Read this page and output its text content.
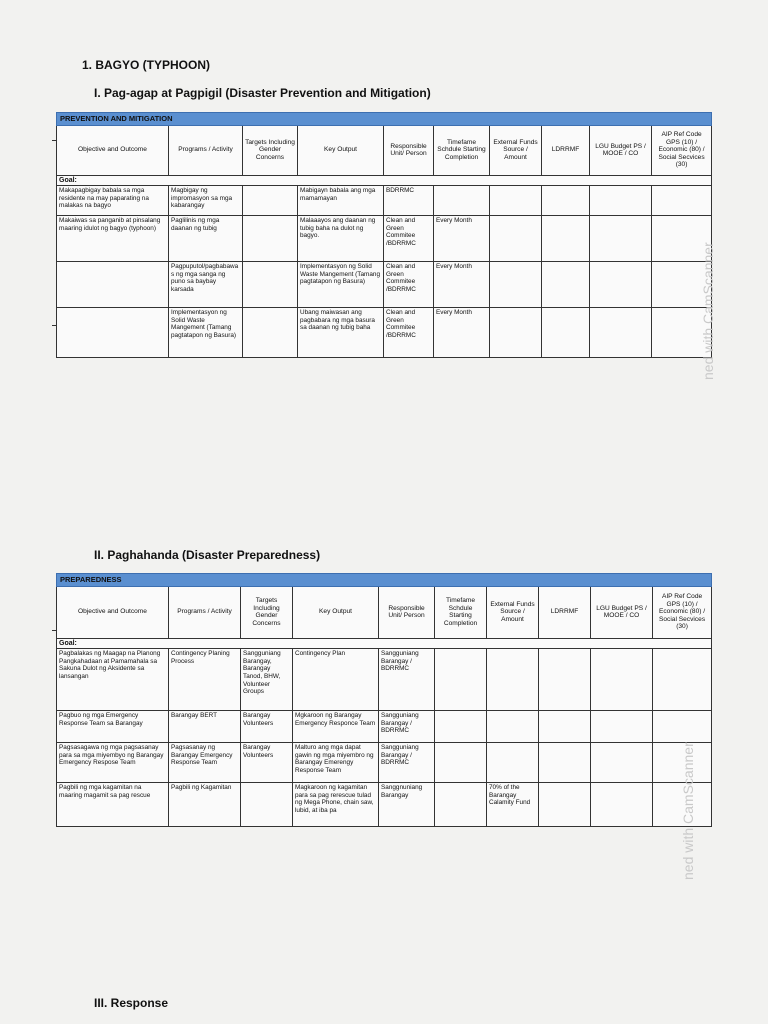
1. BAGYO (TYPHOON)
I. Pag-agap at Pagpigil (Disaster Prevention and Mitigation)
PREVENTION AND MITIGATION									
Objective and Outcome	Programs / Activity	Targets Including Gender Concerns	Key Output	Responsible Unit/ Person	Timefame Schdule Starting Completion	External Funds Source / Amount	LDRRMF	LGU Budget PS / MOOE / CO	AIP Ref Code GPS (10) / Economic (80) / Social Secvices (30)
Goal:									
Makapagbigay babala sa mga residente na may paparating na malakas na bagyo	Magbigay ng impromasyon sa mga kabarangay		Mabigayn babala ang mga mamamayan	BDRRMC					
Makaiwas sa panganib at pinsalang maaring idulot ng bagyo (typhoon)	Paglilinis ng mga daanan ng tubig		Malaaayos ang daanan ng tubig baha na dulot ng bagyo.	Clean and Green Commitee /BDRRMC	Every Month				
	Pagpuputol/pagbabawas ng mga sanga ng puno sa baybay karsada		Implementasyon ng Solid Waste Mangement (Tamang pagtatapon ng Basura)	Clean and Green Commitee /BDRRMC	Every Month				
	Implementasyon ng Solid Waste Mangement (Tamang pagtatapon ng Basura)		Ubang maiwasan ang pagbabara ng mga basura sa daanan ng tubig baha	Clean and Green Commitee /BDRRMC	Every Month					ned with CamScanner
II. Paghahanda (Disaster Preparedness)
PREPAREDNESS									
Objective and Outcome	Programs / Activity	Targets Including Gender Concerns	Key Output	Responsible Unit/ Person	Timefame Schdule Starting Completion	External Funds Source / Amount	LDRRMF	LGU Budget PS / MOOE / CO	AIP Ref Code GPS (10) / Economic (80) / Social Secvices (30)
Goal:									
Pagbalakas ng Maagap na Planong Pangkahadaan at Pamamahala sa Sakuna Dulot ng Aksidente sa lansangan	Contingency Planing Process	Sangguniang Barangay, Barangay Tanod, BHW, Volunteer Groups	Contingency Plan	Sangguniang Barangay / BDRRMC					
Pagbuo ng mga Emergency Response Team sa Barangay	Barangay BERT	Barangay Volunteers	Mgkaroon ng Barangay Emergency Responce Team	Sangguniang Barangay / BDRRMC					
Pagsasagawa ng mga pagsasanay para sa mga miyembyo ng Barangay Emergency Respose Team	Pagsasanay ng Barangay Emergency Response Team	Barangay Volunteers	Malturo ang mga dapat gawin ng mga miyembro ng Barangay Emerengy Response Team	Sangguniang Barangay / BDRRMC					
Pagbili ng mga kagamitan na maaring magamit sa pag rescue	Pagbili ng Kagamitan		Magkaroon ng kagamitan para sa pag rerescue tulad ng Mega Phone, chain saw, lubid, at iba pa	Sanggnuniang Barangay		70% of the Barangay Calamity Fund				ned with CamScanner
III. Response
